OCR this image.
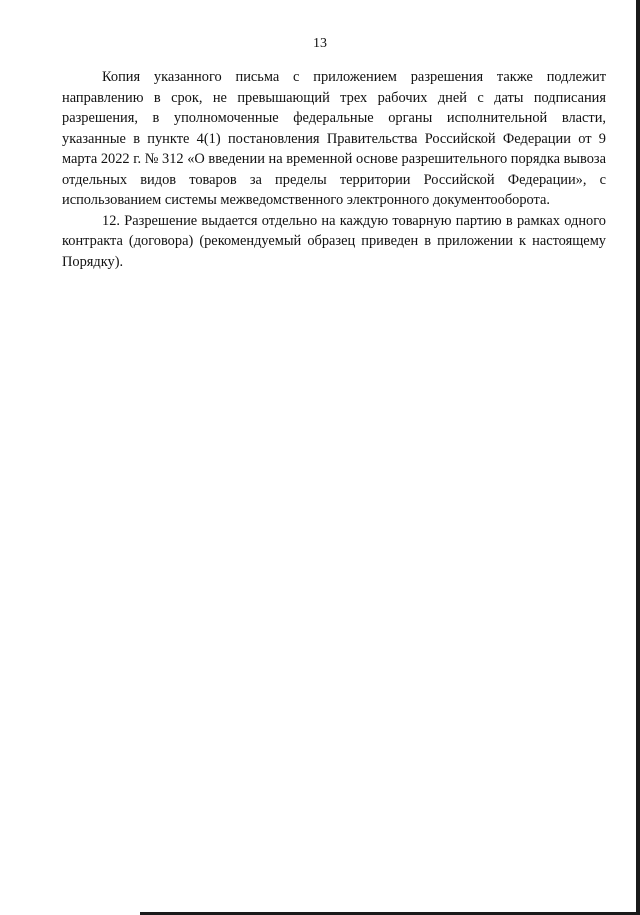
13

Копия указанного письма с приложением разрешения также подлежит направлению в срок, не превышающий трех рабочих дней с даты подписания разрешения, в уполномоченные федеральные органы исполнительной власти, указанные в пункте 4(1) постановления Правительства Российской Федерации от 9 марта 2022 г. № 312 «О введении на временной основе разрешительного порядка вывоза отдельных видов товаров за пределы территории Российской Федерации», с использованием системы межведомственного электронного документооборота.

12. Разрешение выдается отдельно на каждую товарную партию в рамках одного контракта (договора) (рекомендуемый образец приведен в приложении к настоящему Порядку).
